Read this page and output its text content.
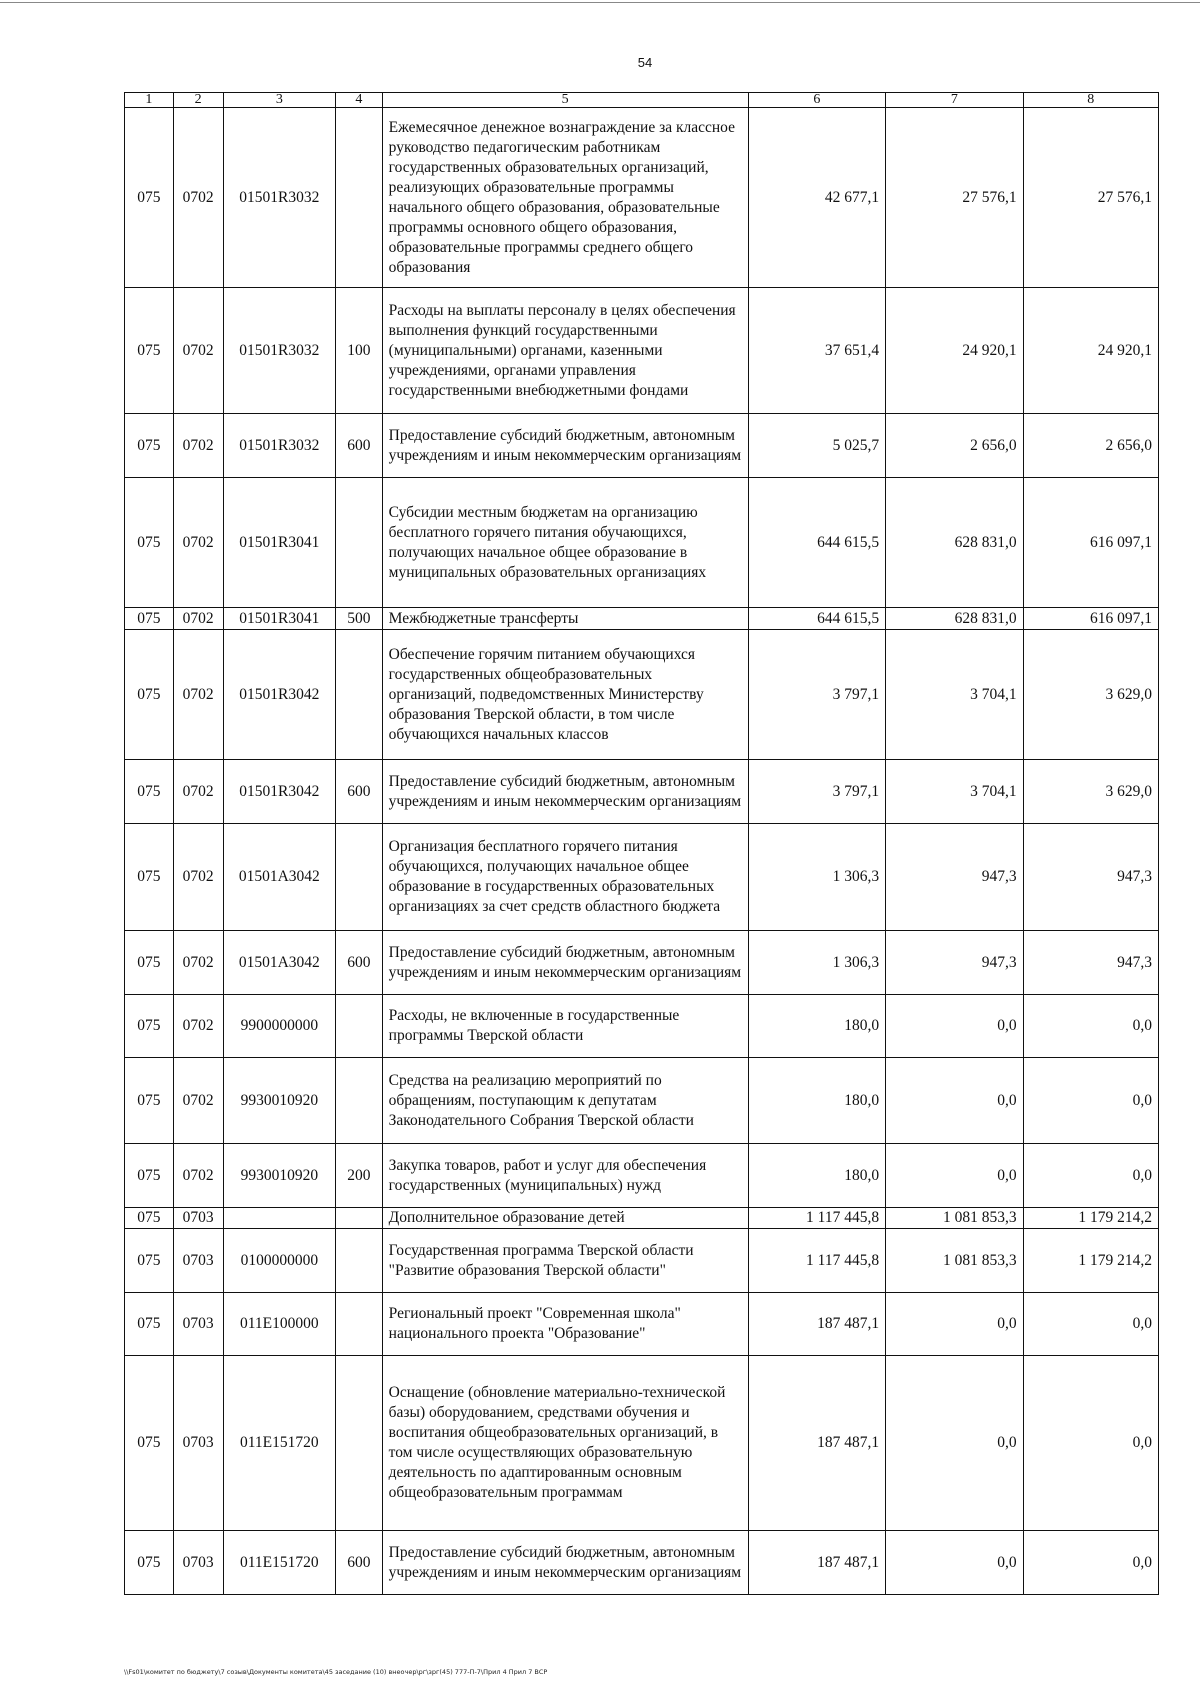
54
1	2	3	4	5	6	7	8
075	0702	01501R3032		Ежемесячное денежное вознаграждение за классное руководство педагогическим работникам государственных образовательных организаций, реализующих образовательные программы начального общего образования, образовательные программы основного общего образования, образовательные программы среднего общего образования	42 677,1	27 576,1	27 576,1
075	0702	01501R3032	100	Расходы на выплаты персоналу в целях обеспечения выполнения функций государственными (муниципальными) органами, казенными учреждениями, органами управления государственными внебюджетными фондами	37 651,4	24 920,1	24 920,1
075	0702	01501R3032	600	Предоставление субсидий бюджетным, автономным учреждениям и иным некоммерческим организациям	5 025,7	2 656,0	2 656,0
075	0702	01501R3041		Субсидии местным бюджетам на организацию бесплатного горячего питания обучающихся, получающих начальное общее образование в муниципальных образовательных организациях	644 615,5	628 831,0	616 097,1
075	0702	01501R3041	500	Межбюджетные трансферты	644 615,5	628 831,0	616 097,1
075	0702	01501R3042		Обеспечение горячим питанием обучающихся государственных общеобразовательных организаций, подведомственных Министерству образования Тверской области, в том числе обучающихся начальных классов	3 797,1	3 704,1	3 629,0
075	0702	01501R3042	600	Предоставление субсидий бюджетным, автономным учреждениям и иным некоммерческим организациям	3 797,1	3 704,1	3 629,0
075	0702	01501A3042		Организация бесплатного горячего питания обучающихся, получающих начальное общее образование в государственных образовательных организациях за счет средств областного бюджета	1 306,3	947,3	947,3
075	0702	01501A3042	600	Предоставление субсидий бюджетным, автономным учреждениям и иным некоммерческим организациям	1 306,3	947,3	947,3
075	0702	9900000000		Расходы, не включенные в государственные программы Тверской области	180,0	0,0	0,0
075	0702	9930010920		Средства на реализацию мероприятий по обращениям, поступающим к депутатам Законодательного Собрания Тверской области	180,0	0,0	0,0
075	0702	9930010920	200	Закупка товаров, работ и услуг для обеспечения государственных (муниципальных) нужд	180,0	0,0	0,0
075	0703			Дополнительное образование детей	1 117 445,8	1 081 853,3	1 179 214,2
075	0703	0100000000		Государственная программа Тверской области "Развитие образования Тверской области"	1 117 445,8	1 081 853,3	1 179 214,2
075	0703	011E100000		Региональный проект "Современная школа" национального проекта "Образование"	187 487,1	0,0	0,0
075	0703	011E151720		Оснащение (обновление материально-технической базы) оборудованием, средствами обучения и воспитания общеобразовательных организаций, в том числе осуществляющих образовательную деятельность по адаптированным основным общеобразовательным программам	187 487,1	0,0	0,0
075	0703	011E151720	600	Предоставление субсидий бюджетным, автономным учреждениям и иным некоммерческим организациям	187 487,1	0,0	0,0
\\Fs01\комитет по бюджету\7 созыв\Документы комитета\45 заседание (10) внеочер\рг\зрг(45) 777-П-7\Прил 4 Прил 7 ВСР
